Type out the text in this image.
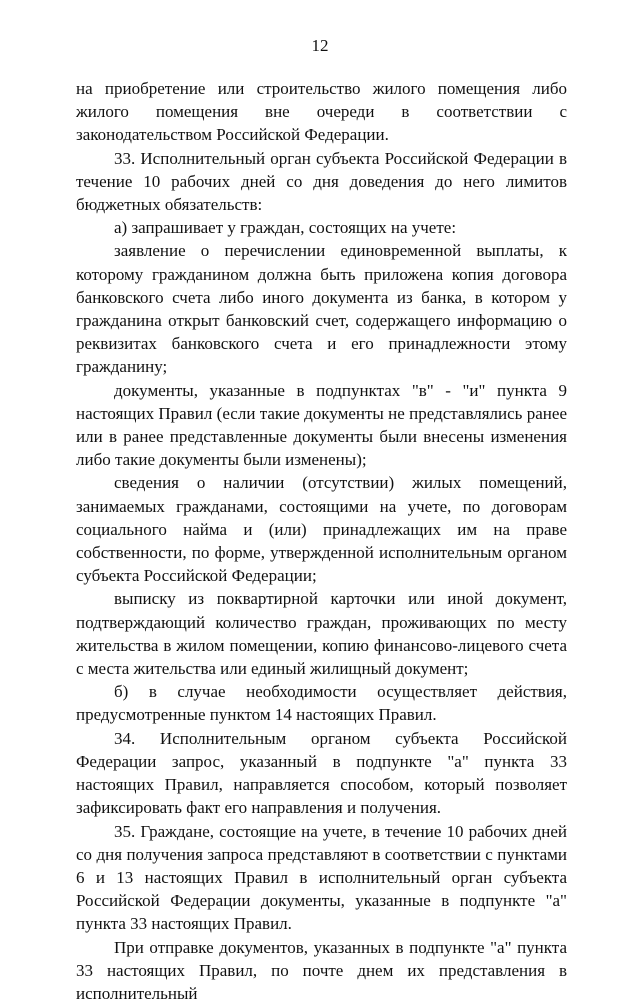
12

на приобретение или строительство жилого помещения либо жилого помещения вне очереди в соответствии с законодательством Российской Федерации.

33. Исполнительный орган субъекта Российской Федерации в течение 10 рабочих дней со дня доведения до него лимитов бюджетных обязательств:

а) запрашивает у граждан, состоящих на учете:

заявление о перечислении единовременной выплаты, к которому гражданином должна быть приложена копия договора банковского счета либо иного документа из банка, в котором у гражданина открыт банковский счет, содержащего информацию о реквизитах банковского счета и его принадлежности этому гражданину;

документы, указанные в подпунктах "в" - "и" пункта 9 настоящих Правил (если такие документы не представлялись ранее или в ранее представленные документы были внесены изменения либо такие документы были изменены);

сведения о наличии (отсутствии) жилых помещений, занимаемых гражданами, состоящими на учете, по договорам социального найма и (или) принадлежащих им на праве собственности, по форме, утвержденной исполнительным органом субъекта Российской Федерации;

выписку из поквартирной карточки или иной документ, подтверждающий количество граждан, проживающих по месту жительства в жилом помещении, копию финансово-лицевого счета с места жительства или единый жилищный документ;

б) в случае необходимости осуществляет действия, предусмотренные пунктом 14 настоящих Правил.

34. Исполнительным органом субъекта Российской Федерации запрос, указанный в подпункте "а" пункта 33 настоящих Правил, направляется способом, который позволяет зафиксировать факт его направления и получения.

35. Граждане, состоящие на учете, в течение 10 рабочих дней со дня получения запроса представляют в соответствии с пунктами 6 и 13 настоящих Правил в исполнительный орган субъекта Российской Федерации документы, указанные в подпункте "а" пункта 33 настоящих Правил.

При отправке документов, указанных в подпункте "а" пункта 33 настоящих Правил, по почте днем их представления в исполнительный
